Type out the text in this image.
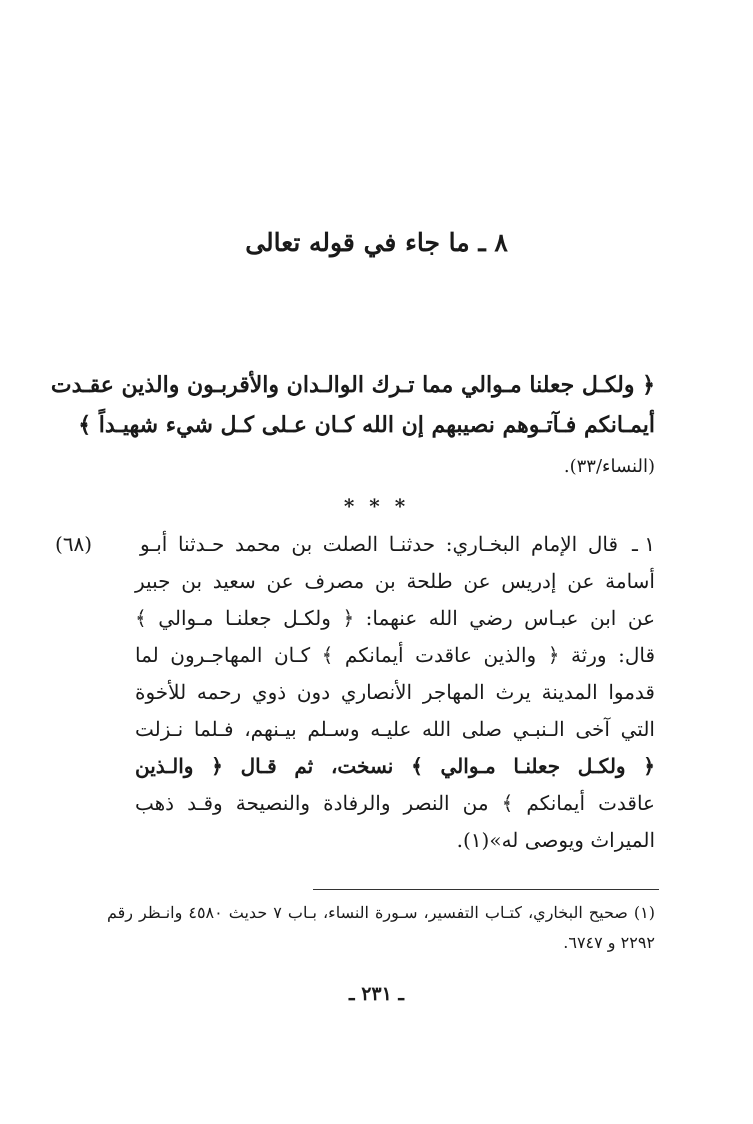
٨ ـ ما جاء في قوله تعالى
﴿ ولكـل جعلنا مـوالي مما تـرك الوالـدان والأقربـون والذين عقـدت
أيمـانكم فـآتـوهم نصيبهم إن الله كـان عـلى كـل شيء شهيـداً ﴾
(النساء/٣٣).
* * *
(٦٨)	١ ـ
قال الإمام البخـاري: حدثنـا الصلت بن محمد حـدثنا أبـو
أسامة عن إدريس عن طلحة بن مصرف عن سعيد بن جبير
عن ابن عبـاس رضي الله عنهما: ﴿ ولكـل جعلنـا مـوالي ﴾
قال: ورثة ﴿ والذين عاقدت أيمانكم ﴾ كـان المهاجـرون لما
قدموا المدينة يرث المهاجر الأنصاري دون ذوي رحمه للأخوة
التي آخى الـنبـي صلى الله عليـه وسـلم بيـنهم، فـلما نـزلت
﴿ ولكـل جعلنـا مـوالي ﴾ نسخت، ثم قـال ﴿ والـذين
عاقدت أيمانكم ﴾ من النصر والرفادة والنصيحة وقـد ذهب
الميراث ويوصى له»(١).
(١) صحيح البخاري، كتـاب التفسير، سـورة النساء، بـاب ٧ حديث ٤٥٨٠ وانـظر رقم
٢٢٩٢ و ٦٧٤٧.
ـ ٢٣١ ـ
